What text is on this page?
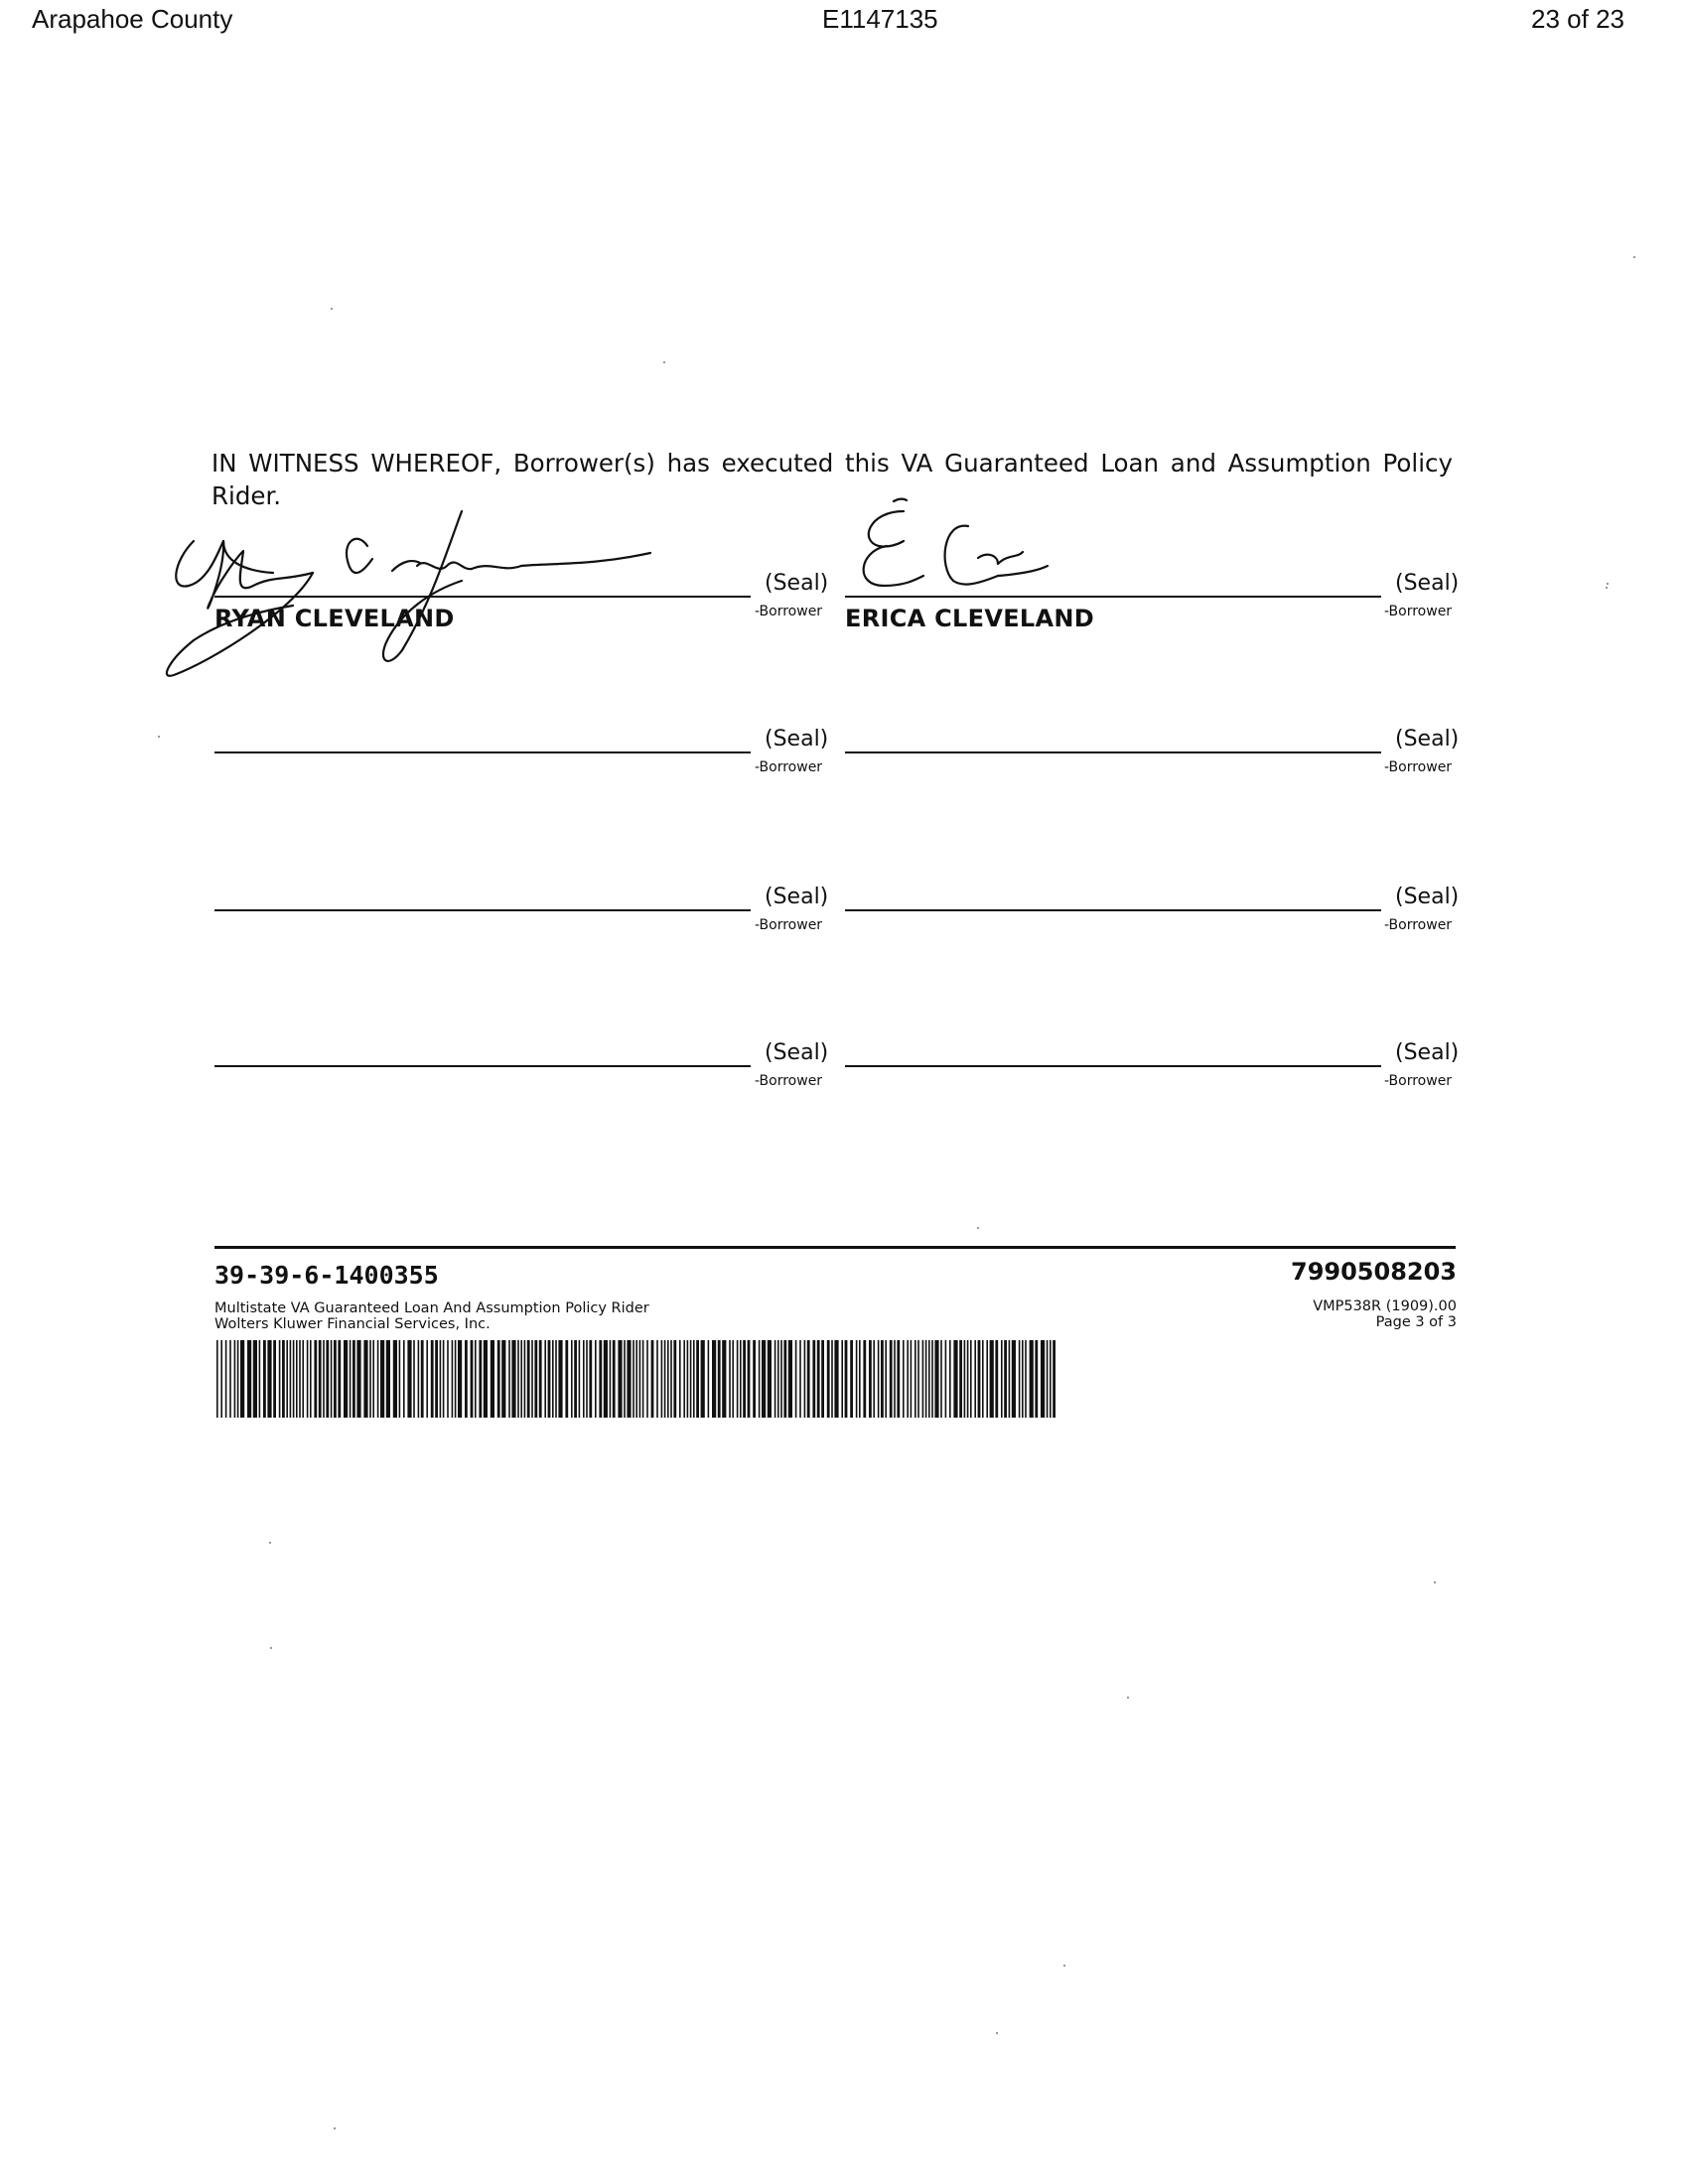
Arapahoe County	E1147135	23 of 23
IN WITNESS WHEREOF, Borrower(s) has executed this VA Guaranteed Loan and Assumption Policy Rider.
(Seal)
-Borrower
RYAN CLEVELAND
(Seal)
-Borrower
ERICA CLEVELAND
(Seal)
-Borrower
(Seal)
-Borrower
(Seal)
-Borrower
(Seal)
-Borrower
(Seal)
-Borrower
(Seal)
-Borrower
39-39-6-1400355	7990508203
Multistate VA Guaranteed Loan And Assumption Policy Rider
Wolters Kluwer Financial Services, Inc.
VMP538R (1909).00
Page 3 of 3
